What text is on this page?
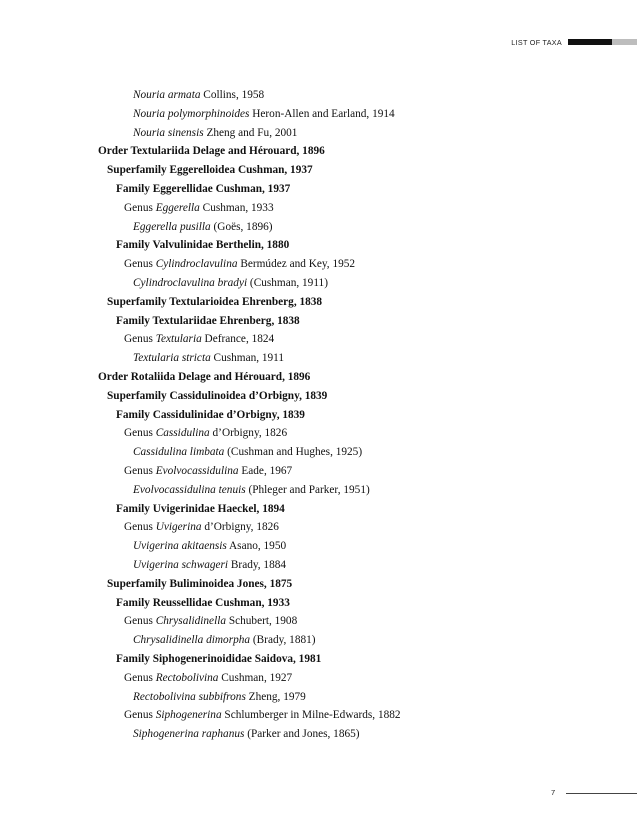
LIST OF TAXA
Nouria armata Collins, 1958
Nouria polymorphinoides Heron-Allen and Earland, 1914
Nouria sinensis Zheng and Fu, 2001
Order Textulariida Delage and Hérouard, 1896
Superfamily Eggerelloidea Cushman, 1937
Family Eggerellidae Cushman, 1937
Genus Eggerella Cushman, 1933
Eggerella pusilla (Goës, 1896)
Family Valvulinidae Berthelin, 1880
Genus Cylindroclavulina Bermúdez and Key, 1952
Cylindroclavulina bradyi (Cushman, 1911)
Superfamily Textularioidea Ehrenberg, 1838
Family Textulariidae Ehrenberg, 1838
Genus Textularia Defrance, 1824
Textularia stricta Cushman, 1911
Order Rotaliida Delage and Hérouard, 1896
Superfamily Cassidulinoidea d’Orbigny, 1839
Family Cassidulinidae d’Orbigny, 1839
Genus Cassidulina d’Orbigny, 1826
Cassidulina limbata (Cushman and Hughes, 1925)
Genus Evolvocassidulina Eade, 1967
Evolvocassidulina tenuis (Phleger and Parker, 1951)
Family Uvigerinidae Haeckel, 1894
Genus Uvigerina d’Orbigny, 1826
Uvigerina akitaensis Asano, 1950
Uvigerina schwageri Brady, 1884
Superfamily Buliminoidea Jones, 1875
Family Reussellidae Cushman, 1933
Genus Chrysalidinella Schubert, 1908
Chrysalidinella dimorpha (Brady, 1881)
Family Siphogenerinoididae Saidova, 1981
Genus Rectobolivina Cushman, 1927
Rectobolivina subbifrons Zheng, 1979
Genus Siphogenerina Schlumberger in Milne-Edwards, 1882
Siphogenerina raphanus (Parker and Jones, 1865)
7
